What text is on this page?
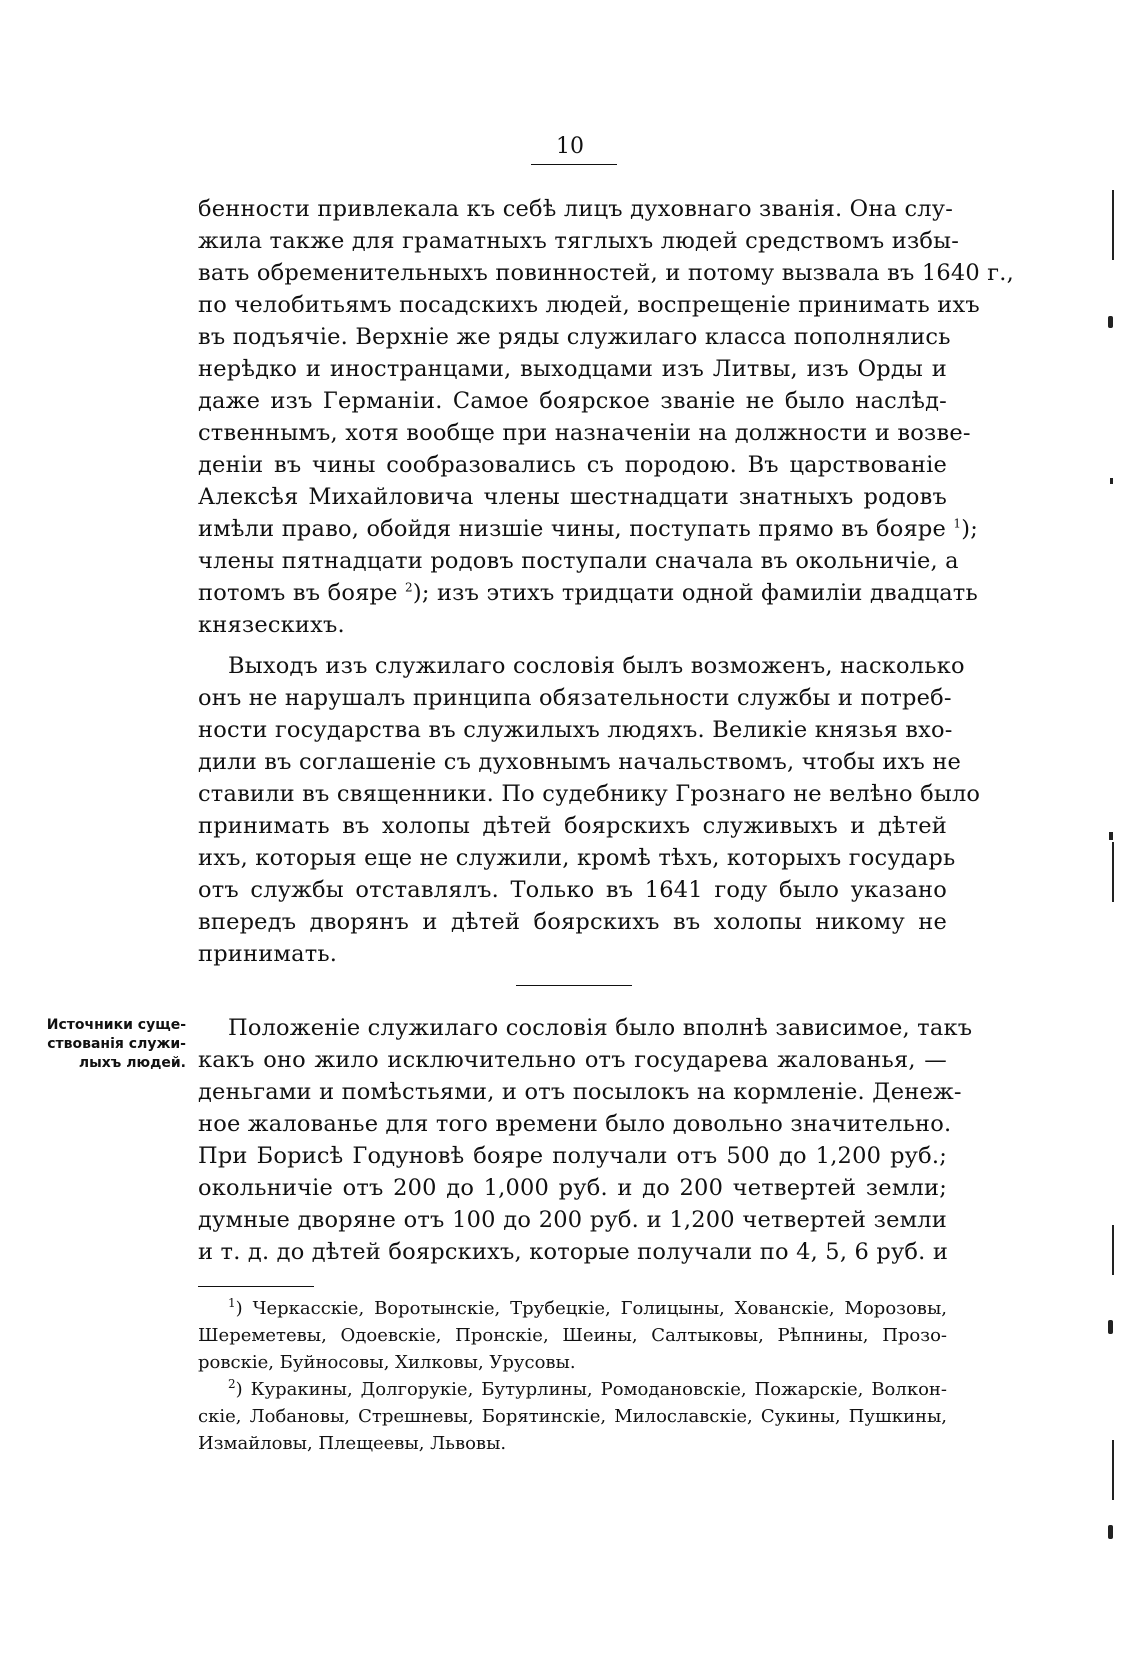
10
бенности привлекала къ себѣ лицъ духовнаго званія. Она слу-
жила также для граматныхъ тяглыхъ людей средствомъ избы-
вать обременительныхъ повинностей, и потому вызвала въ 1640 г.,
по челобитьямъ посадскихъ людей, воспрещеніе принимать ихъ
въ подъячіе. Верхніе же ряды служилаго класса пополнялись
нерѣдко и иностранцами, выходцами изъ Литвы, изъ Орды и
даже изъ Германіи. Самое боярское званіе не было наслѣд-
ственнымъ, хотя вообще при назначеніи на должности и возве-
деніи въ чины сообразовались съ породою. Въ царствованіе
Алексѣя Михайловича члены шестнадцати знатныхъ родовъ
имѣли право, обойдя низшіе чины, поступать прямо въ бояре $^1$);
члены пятнадцати родовъ поступали сначала въ окольничіе, а
потомъ въ бояре $^2$); изъ этихъ тридцати одной фамиліи двадцать
князескихъ.
Выходъ изъ служилаго сословія былъ возможенъ, насколько
онъ не нарушалъ принципа обязательности службы и потреб-
ности государства въ служилыхъ людяхъ. Великіе князья вхо-
дили въ соглашеніе съ духовнымъ начальствомъ, чтобы ихъ не
ставили въ священники. По судебнику Грознаго не велѣно было
принимать въ холопы дѣтей боярскихъ служивыхъ и дѣтей
ихъ, которыя еще не служили, кромѣ тѣхъ, которыхъ государь
отъ службы отставлялъ. Только въ 1641 году было указано
впередъ дворянъ и дѣтей боярскихъ въ холопы никому не
принимать.
Источники суще-
ствованія служи-
лыхъ людей.
Положеніе служилаго сословія было вполнѣ зависимое, такъ
какъ оно жило исключительно отъ государева жалованья, —
деньгами и помѣстьями, и отъ посылокъ на кормленіе. Денеж-
ное жалованье для того времени было довольно значительно.
При Борисѣ Годуновѣ бояре получали отъ 500 до 1,200 руб.;
окольничіе отъ 200 до 1,000 руб. и до 200 четвертей земли;
думные дворяне отъ 100 до 200 руб. и 1,200 четвертей земли
и т. д. до дѣтей боярскихъ, которые получали по 4, 5, 6 руб. и
$^1$) Черкасскіе, Воротынскіе, Трубецкіе, Голицыны, Хованскіе, Морозовы,
Шереметевы, Одоевскіе, Пронскіе, Шеины, Салтыковы, Рѣпнины, Прозо-
ровскіе, Буйносовы, Хилковы, Урусовы.
$^2$) Куракины, Долгорукіе, Бутурлины, Ромодановскіе, Пожарскіе, Волкон-
скіе, Лобановы, Стрешневы, Борятинскіе, Милославскіе, Сукины, Пушкины,
Измайловы, Плещеевы, Львовы.
